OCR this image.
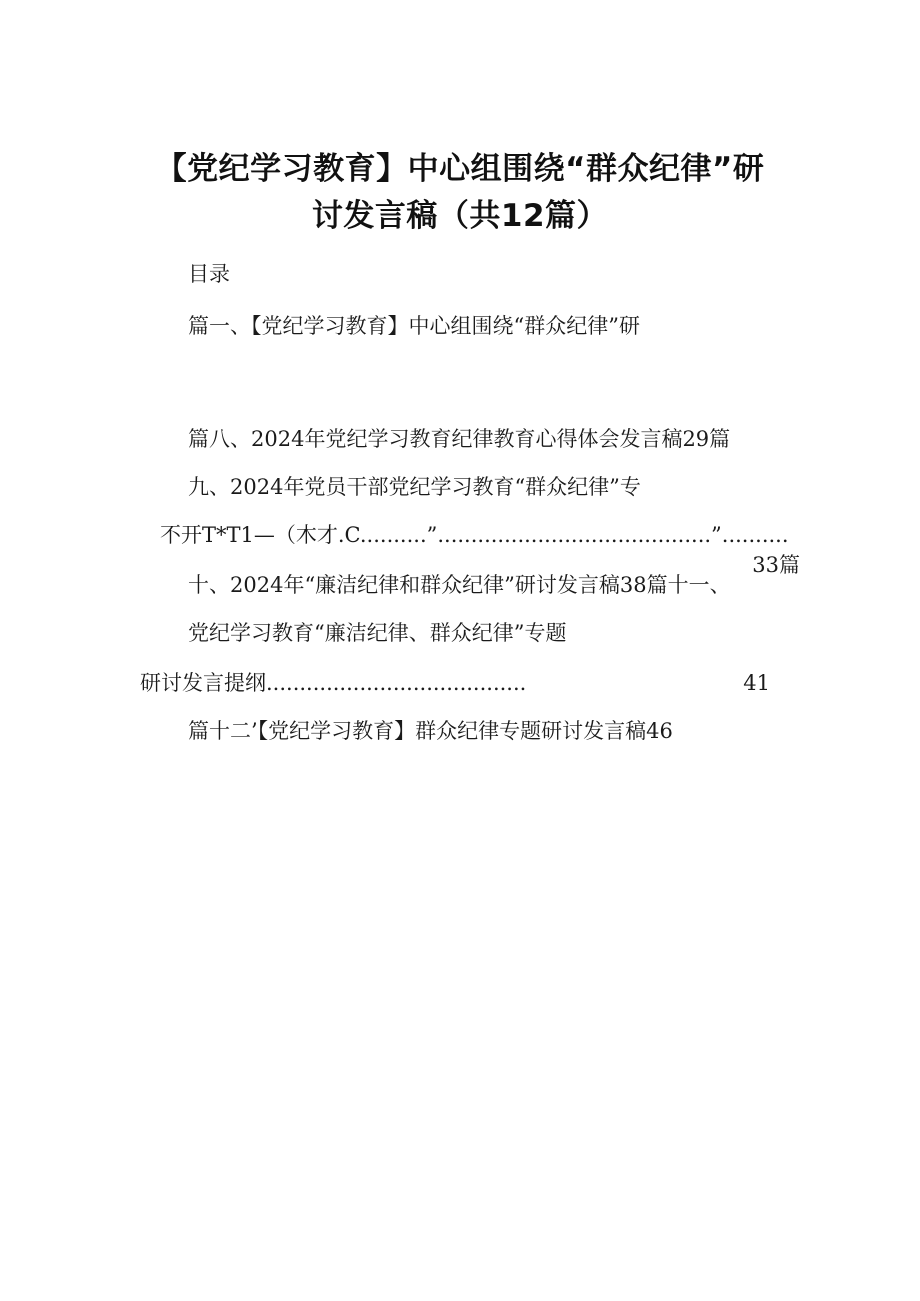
【党纪学习教育】中心组围绕“群众纪律”研
讨发言稿（共12篇）
目录
篇一、【党纪学习教育】中心组围绕“群众纪律”研
篇八、2024年党纪学习教育纪律教育心得体会发言稿29篇
九、2024年党员干部党纪学习教育“群众纪律”专
不开T*T1—（木才.C..........”.........................................”..........
33篇
十、2024年“廉洁纪律和群众纪律”研讨发言稿38篇十一、
党纪学习教育“廉洁纪律、群众纪律”专题
研讨发言提纲.......................................	41
篇十二’【党纪学习教育】群众纪律专题研讨发言稿46
